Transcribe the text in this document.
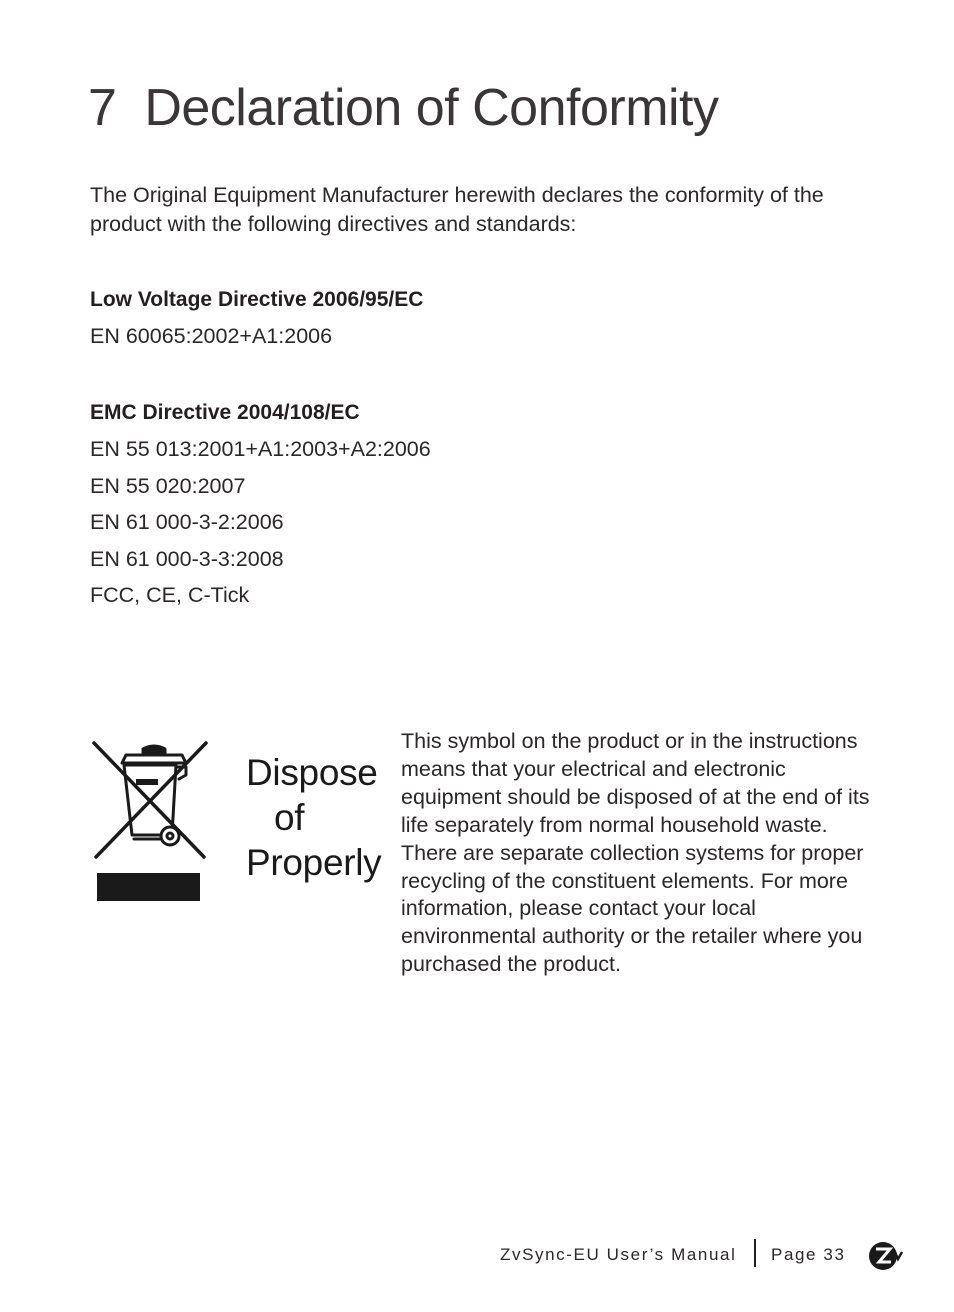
7 Declaration of Conformity
The Original Equipment Manufacturer herewith declares the conformity of the product with the following directives and standards:
Low Voltage Directive 2006/95/EC
EN 60065:2002+A1:2006
EMC Directive 2004/108/EC
EN 55 013:2001+A1:2003+A2:2006
EN 55 020:2007
EN 61 000-3-2:2006
EN 61 000-3-3:2008
FCC, CE, C-Tick
Dispose
of
Properly
This symbol on the product or in the instructions means that your electrical and electronic equipment should be disposed of at the end of its life separately from normal household waste. There are separate collection systems for proper recycling of the constituent elements. For more information, please contact your local environmental authority or the retailer where you purchased the product.
ZvSync-EU User’s Manual Page 33
